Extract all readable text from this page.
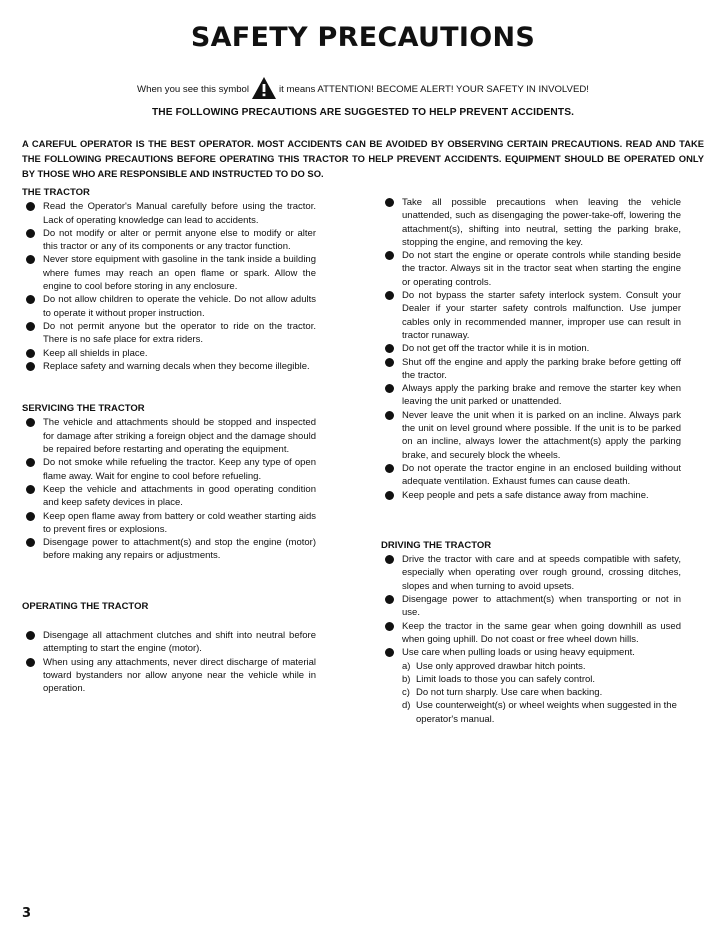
SAFETY PRECAUTIONS
When you see this symbol	it means ATTENTION! BECOME ALERT! YOUR SAFETY IN INVOLVED!
THE FOLLOWING PRECAUTIONS ARE SUGGESTED TO HELP PREVENT ACCIDENTS.
A CAREFUL OPERATOR IS THE BEST OPERATOR. MOST ACCIDENTS CAN BE AVOIDED BY OBSERVING CERTAIN PRECAUTIONS. READ AND TAKE THE FOLLOWING PRECAUTIONS BEFORE OPERATING THIS TRACTOR TO HELP PREVENT ACCIDENTS. EQUIPMENT SHOULD BE OPERATED ONLY BY THOSE WHO ARE RESPONSIBLE AND INSTRUCTED TO DO SO.
THE TRACTOR
Read the Operator's Manual carefully before using the tractor. Lack of operating knowledge can lead to accidents.
Do not modify or alter or permit anyone else to modify or alter this tractor or any of its components or any tractor function.
Never store equipment with gasoline in the tank inside a building where fumes may reach an open flame or spark. Allow the engine to cool before storing in any enclosure.
Do not allow children to operate the vehicle. Do not allow adults to operate it without proper instruction.
Do not permit anyone but the operator to ride on the tractor. There is no safe place for extra riders.
Keep all shields in place.
Replace safety and warning decals when they become illegible.
SERVICING THE TRACTOR
The vehicle and attachments should be stopped and inspected for damage after striking a foreign object and the damage should be repaired before restarting and operating the equipment.
Do not smoke while refueling the tractor. Keep any type of open flame away. Wait for engine to cool before refueling.
Keep the vehicle and attachments in good operating condition and keep safety devices in place.
Keep open flame away from battery or cold weather starting aids to prevent fires or explosions.
Disengage power to attachment(s) and stop the engine (motor) before making any repairs or adjustments.
OPERATING THE TRACTOR
Disengage all attachment clutches and shift into neutral before attempting to start the engine (motor).
When using any attachments, never direct discharge of material toward bystanders nor allow anyone near the vehicle while in operation.
Take all possible precautions when leaving the vehicle unattended, such as disengaging the power-take-off, lowering the attachment(s), shifting into neutral, setting the parking brake, stopping the engine, and removing the key.
Do not start the engine or operate controls while standing beside the tractor. Always sit in the tractor seat when starting the engine or operating controls.
Do not bypass the starter safety interlock system. Consult your Dealer if your starter safety controls malfunction. Use jumper cables only in recommended manner, improper use can result in tractor runaway.
Do not get off the tractor while it is in motion.
Shut off the engine and apply the parking brake before getting off the tractor.
Always apply the parking brake and remove the starter key when leaving the unit parked or unattended.
Never leave the unit when it is parked on an incline. Always park the unit on level ground where possible. If the unit is to be parked on an incline, always lower the attachment(s) apply the parking brake, and securely block the wheels.
Do not operate the tractor engine in an enclosed building without adequate ventilation. Exhaust fumes can cause death.
Keep people and pets a safe distance away from machine.
DRIVING THE TRACTOR
Drive the tractor with care and at speeds compatible with safety, especially when operating over rough ground, crossing ditches, slopes and when turning to avoid upsets.
Disengage power to attachment(s) when transporting or not in use.
Keep the tractor in the same gear when going downhill as used when going uphill. Do not coast or free wheel down hills.
Use care when pulling loads or using heavy equipment.
a) Use only approved drawbar hitch points.
b) Limit loads to those you can safely control.
c) Do not turn sharply. Use care when backing.
d) Use counterweight(s) or wheel weights when suggested in the operator's manual.
3
